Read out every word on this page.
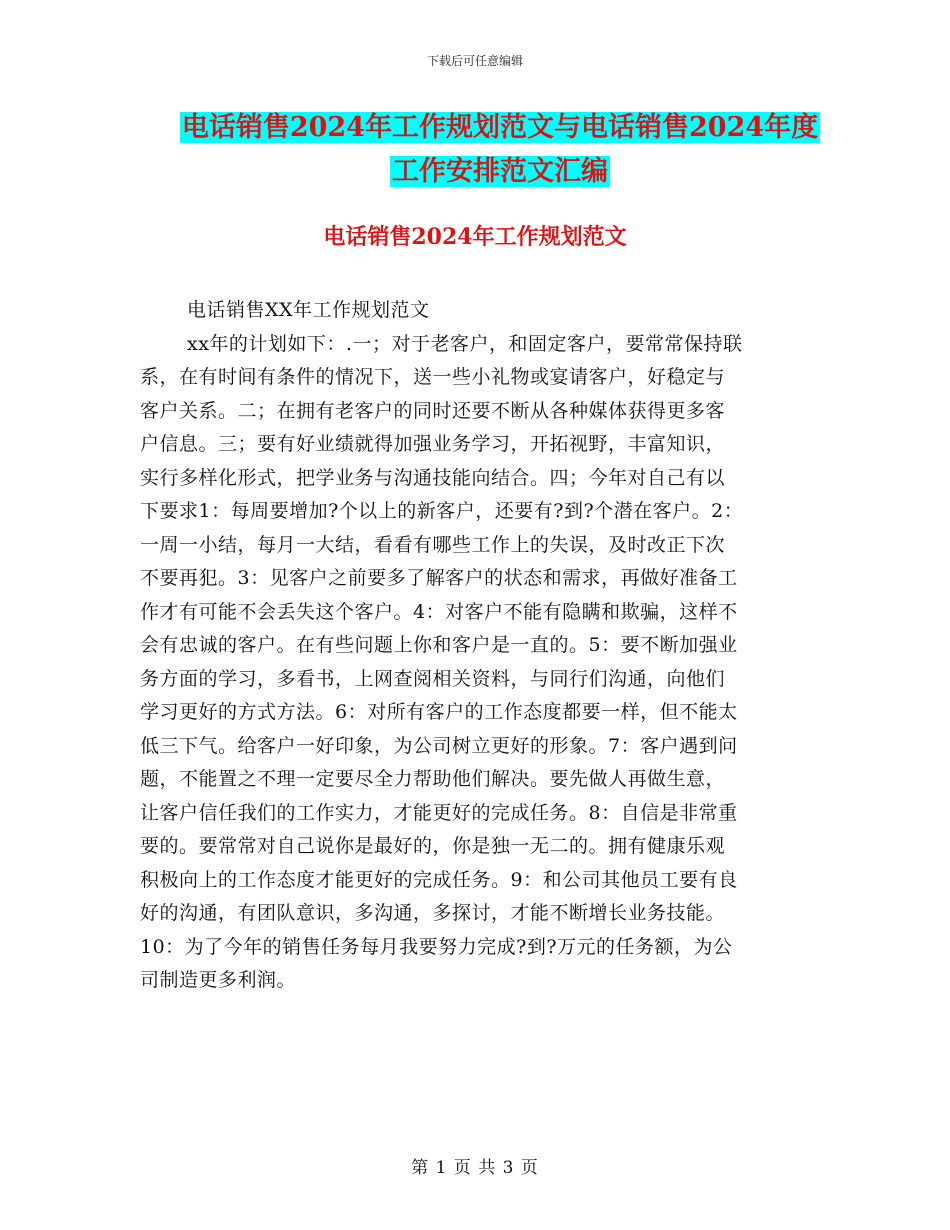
下载后可任意编辑
电话销售2024年工作规划范文与电话销售2024年度
工作安排范文汇编
电话销售2024年工作规划范文
电话销售XX年工作规划范文
xx年的计划如下：.一；对于老客户，和固定客户，要常常保持联
系，在有时间有条件的情况下，送一些小礼物或宴请客户，好稳定与
客户关系。二；在拥有老客户的同时还要不断从各种媒体获得更多客
户信息。三；要有好业绩就得加强业务学习，开拓视野，丰富知识，
实行多样化形式，把学业务与沟通技能向结合。四；今年对自己有以
下要求1：每周要增加?个以上的新客户，还要有?到?个潜在客户。2：
一周一小结，每月一大结，看看有哪些工作上的失误，及时改正下次
不要再犯。3：见客户之前要多了解客户的状态和需求，再做好准备工
作才有可能不会丢失这个客户。4：对客户不能有隐瞒和欺骗，这样不
会有忠诚的客户。在有些问题上你和客户是一直的。5：要不断加强业
务方面的学习，多看书，上网查阅相关资料，与同行们沟通，向他们
学习更好的方式方法。6：对所有客户的工作态度都要一样，但不能太
低三下气。给客户一好印象，为公司树立更好的形象。7：客户遇到问
题，不能置之不理一定要尽全力帮助他们解决。要先做人再做生意，
让客户信任我们的工作实力，才能更好的完成任务。8：自信是非常重
要的。要常常对自己说你是最好的，你是独一无二的。拥有健康乐观
积极向上的工作态度才能更好的完成任务。9：和公司其他员工要有良
好的沟通，有团队意识，多沟通，多探讨，才能不断增长业务技能。
10：为了今年的销售任务每月我要努力完成?到?万元的任务额，为公
司制造更多利润。
第 1 页 共 3 页
